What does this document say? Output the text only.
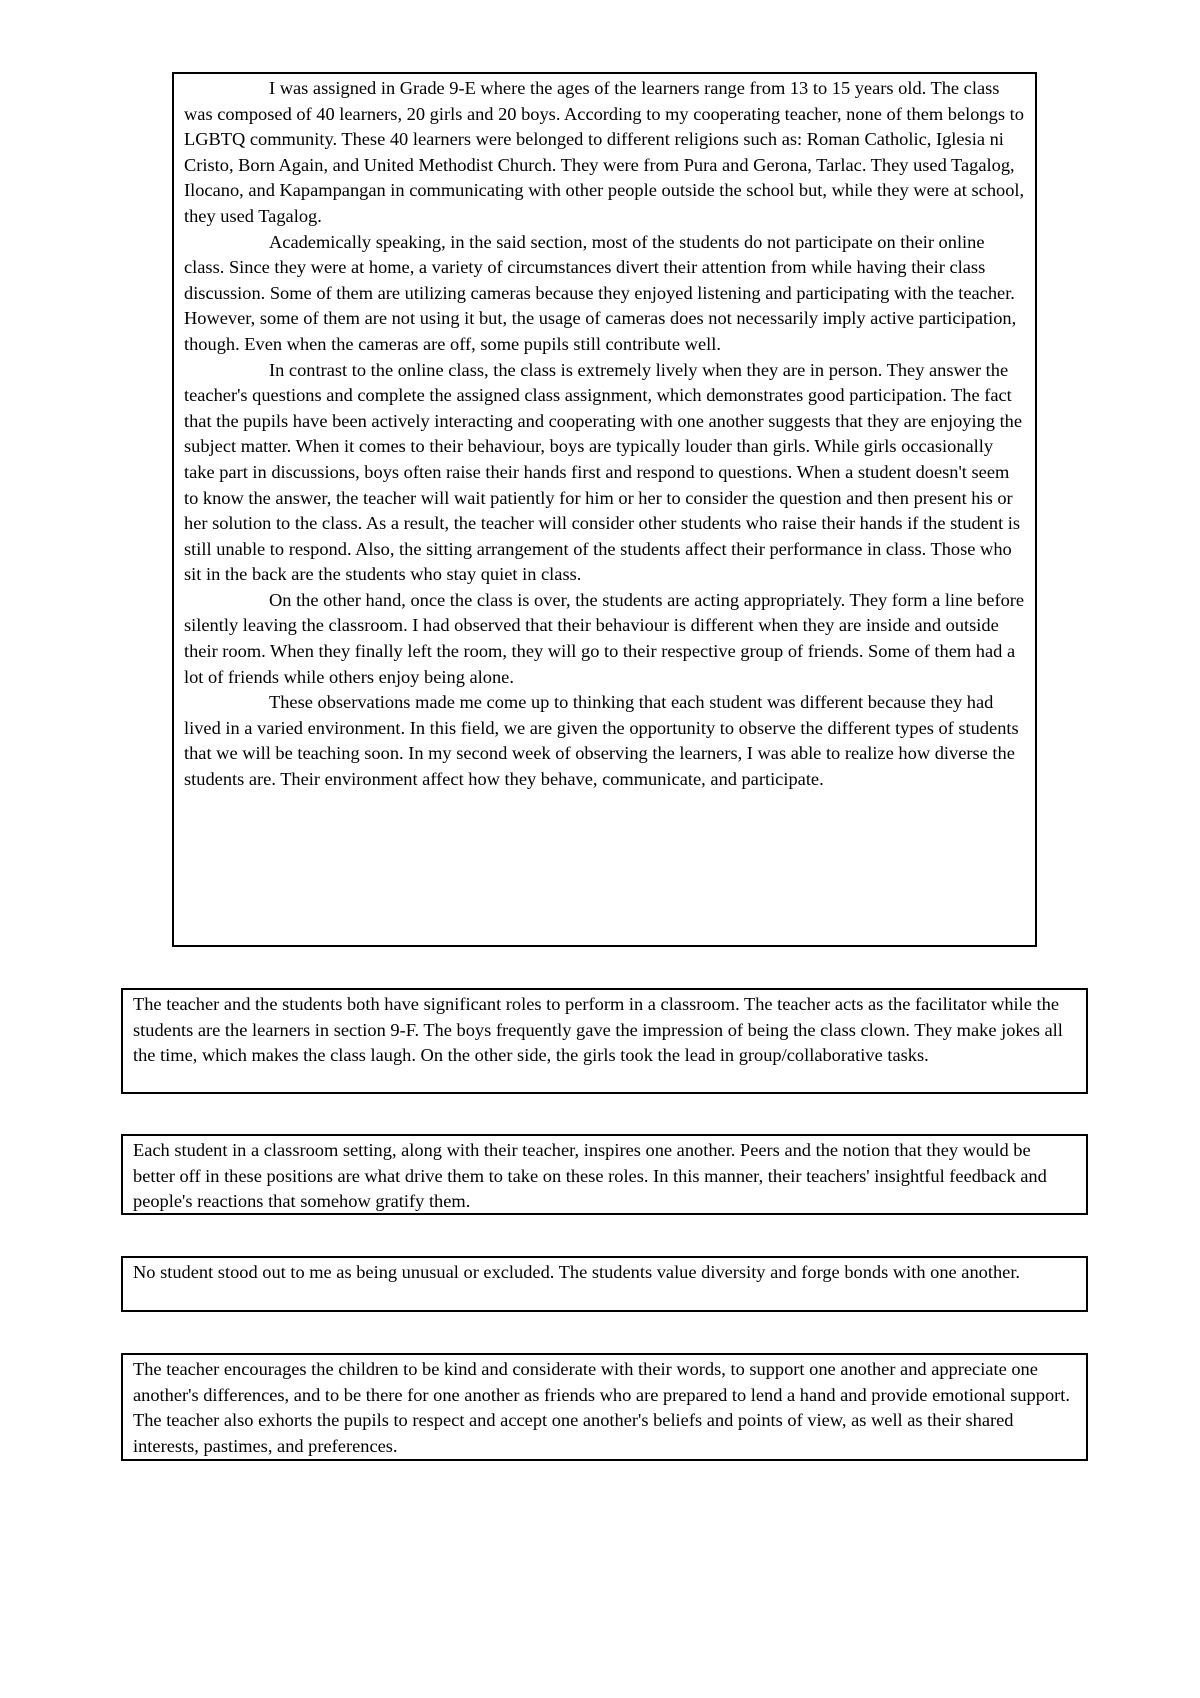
I was assigned in Grade 9-E where the ages of the learners range from 13 to 15 years old. The class was composed of 40 learners, 20 girls and 20 boys. According to my cooperating teacher, none of them belongs to LGBTQ community. These 40 learners were belonged to different religions such as: Roman Catholic, Iglesia ni Cristo, Born Again, and United Methodist Church. They were from Pura and Gerona, Tarlac. They used Tagalog, Ilocano, and Kapampangan in communicating with other people outside the school but, while they were at school, they used Tagalog.

Academically speaking, in the said section, most of the students do not participate on their online class. Since they were at home, a variety of circumstances divert their attention from while having their class discussion. Some of them are utilizing cameras because they enjoyed listening and participating with the teacher. However, some of them are not using it but, the usage of cameras does not necessarily imply active participation, though. Even when the cameras are off, some pupils still contribute well.

In contrast to the online class, the class is extremely lively when they are in person. They answer the teacher's questions and complete the assigned class assignment, which demonstrates good participation. The fact that the pupils have been actively interacting and cooperating with one another suggests that they are enjoying the subject matter. When it comes to their behaviour, boys are typically louder than girls. While girls occasionally take part in discussions, boys often raise their hands first and respond to questions. When a student doesn't seem to know the answer, the teacher will wait patiently for him or her to consider the question and then present his or her solution to the class. As a result, the teacher will consider other students who raise their hands if the student is still unable to respond. Also, the sitting arrangement of the students affect their performance in class. Those who sit in the back are the students who stay quiet in class.

On the other hand, once the class is over, the students are acting appropriately. They form a line before silently leaving the classroom. I had observed that their behaviour is different when they are inside and outside their room. When they finally left the room, they will go to their respective group of friends. Some of them had a lot of friends while others enjoy being alone.

These observations made me come up to thinking that each student was different because they had lived in a varied environment. In this field, we are given the opportunity to observe the different types of students that we will be teaching soon. In my second week of observing the learners, I was able to realize how diverse the students are. Their environment affect how they behave, communicate, and participate.

The teacher and the students both have significant roles to perform in a classroom. The teacher acts as the facilitator while the students are the learners in section 9-F. The boys frequently gave the impression of being the class clown. They make jokes all the time, which makes the class laugh. On the other side, the girls took the lead in group/collaborative tasks.

Each student in a classroom setting, along with their teacher, inspires one another. Peers and the notion that they would be better off in these positions are what drive them to take on these roles. In this manner, their teachers' insightful feedback and people's reactions that somehow gratify them.

No student stood out to me as being unusual or excluded. The students value diversity and forge bonds with one another.

The teacher encourages the children to be kind and considerate with their words, to support one another and appreciate one another's differences, and to be there for one another as friends who are prepared to lend a hand and provide emotional support. The teacher also exhorts the pupils to respect and accept one another's beliefs and points of view, as well as their shared interests, pastimes, and preferences.
